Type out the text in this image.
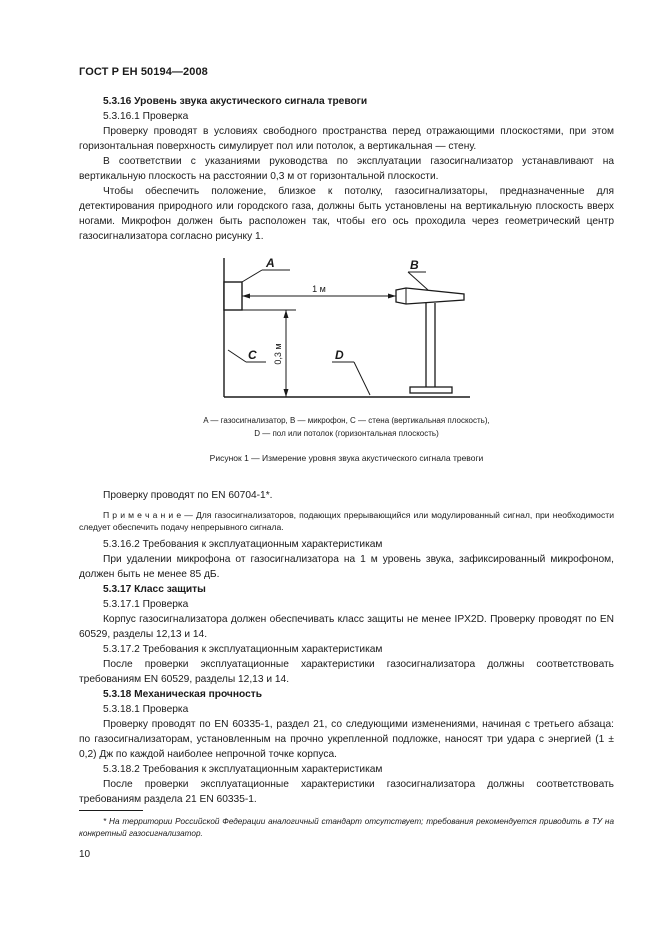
ГОСТ Р ЕН 50194—2008

5.3.16 Уровень звука акустического сигнала тревоги

5.3.16.1 Проверка

Проверку проводят в условиях свободного пространства перед отражающими плоскостями, при этом горизонтальная поверхность симулирует пол или потолок, а вертикальная — стену.

В соответствии с указаниями руководства по эксплуатации газосигнализатор устанавливают на вертикальную плоскость на расстоянии 0,3 м от горизонтальной плоскости.

Чтобы обеспечить положение, близкое к потолку, газосигнализаторы, предназначенные для детектирования природного или городского газа, должны быть установлены на вертикальную плоскость вверх ногами. Микрофон должен быть расположен так, чтобы его ось проходила через геометрический центр газосигнализатора согласно рисунку 1.

1 м
0,3 м
A	B
C	D
A — газосигнализатор, B — микрофон, C — стена (вертикальная плоскость),
D — пол или потолок (горизонтальная плоскость)
Рисунок 1 — Измерение уровня звука акустического сигнала тревоги

Проверку проводят по EN 60704-1*.

П р и м е ч а н и е — Для газосигнализаторов, подающих прерывающийся или модулированный сигнал, при необходимости следует обеспечить подачу непрерывного сигнала.

5.3.16.2 Требования к эксплуатационным характеристикам

При удалении микрофона от газосигнализатора на 1 м уровень звука, зафиксированный микрофоном, должен быть не менее 85 дБ.

5.3.17 Класс защиты

5.3.17.1 Проверка

Корпус газосигнализатора должен обеспечивать класс защиты не менее IPX2D. Проверку проводят по EN 60529, разделы 12,13 и 14.

5.3.17.2 Требования к эксплуатационным характеристикам

После проверки эксплуатационные характеристики газосигнализатора должны соответствовать требованиям EN 60529, разделы 12,13 и 14.

5.3.18 Механическая прочность

5.3.18.1 Проверка

Проверку проводят по EN 60335-1, раздел 21, со следующими изменениями, начиная с третьего абзаца: по газосигнализаторам, установленным на прочно укрепленной подложке, наносят три удара с энергией (1 ± 0,2) Дж по каждой наиболее непрочной точке корпуса.

5.3.18.2 Требования к эксплуатационным характеристикам

После проверки эксплуатационные характеристики газосигнализатора должны соответствовать требованиям раздела 21 EN 60335-1.

* На территории Российской Федерации аналогичный стандарт отсутствует; требования рекомендуется приводить в ТУ на конкретный газосигнализатор.
10
